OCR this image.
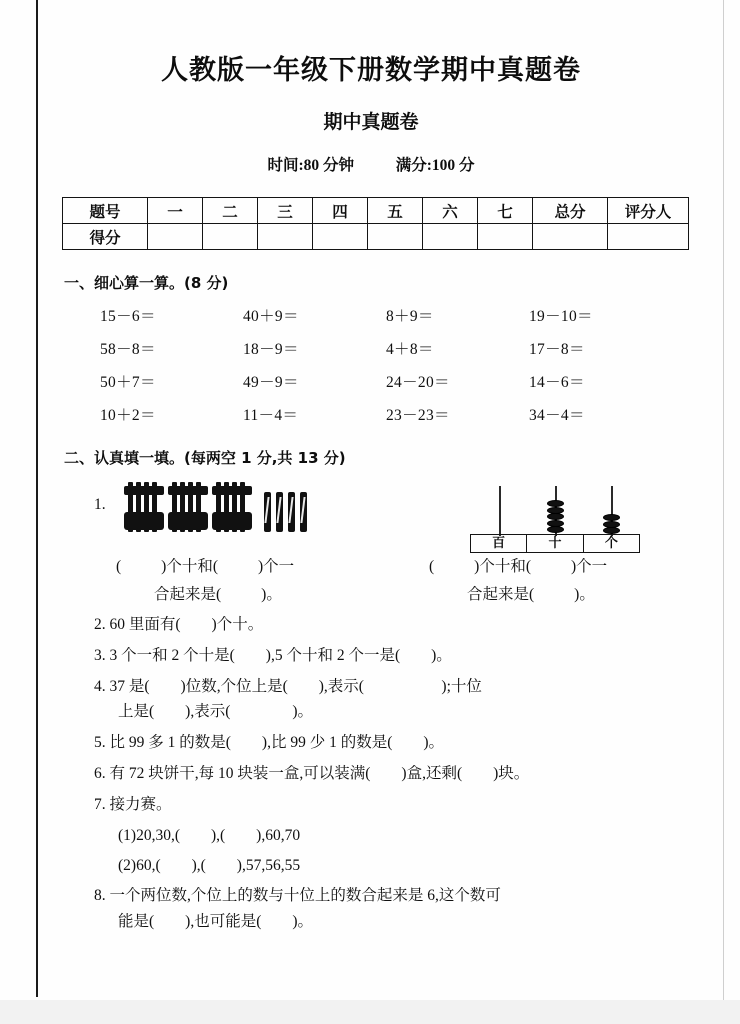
人教版一年级下册数学期中真题卷
期中真题卷
时间:80 分钟	满分:100 分
题号	一	二	三	四	五	六	七	总分	评分人
得分									
一、细心算一算。(8 分)
15－6＝	40＋9＝	8＋9＝	19－10＝
58－8＝	18－9＝	4＋8＝	17－8＝
50＋7＝	49－9＝	24－20＝	14－6＝
10＋2＝	11－4＝	23－23＝	34－4＝
二、认真填一填。(每两空 1 分,共 13 分)
1.
百	十	个
(	)个十和(	)个一
合起来是(	)。
(	)个十和(	)个一
合起来是(	)。
2. 60 里面有(　　)个十。
3. 3 个一和 2 个十是(　　),5 个十和 2 个一是(　　)。
4. 37 是(　　)位数,个位上是(　　),表示(　　　　　);十位
上是(　　),表示(　　　　)。
5. 比 99 多 1 的数是(　　),比 99 少 1 的数是(　　)。
6. 有 72 块饼干,每 10 块装一盒,可以装满(　　)盒,还剩(　　)块。
7. 接力赛。
(1)20,30,(　　),(　　),60,70
(2)60,(　　),(　　),57,56,55
8. 一个两位数,个位上的数与十位上的数合起来是 6,这个数可
能是(　　),也可能是(　　)。
